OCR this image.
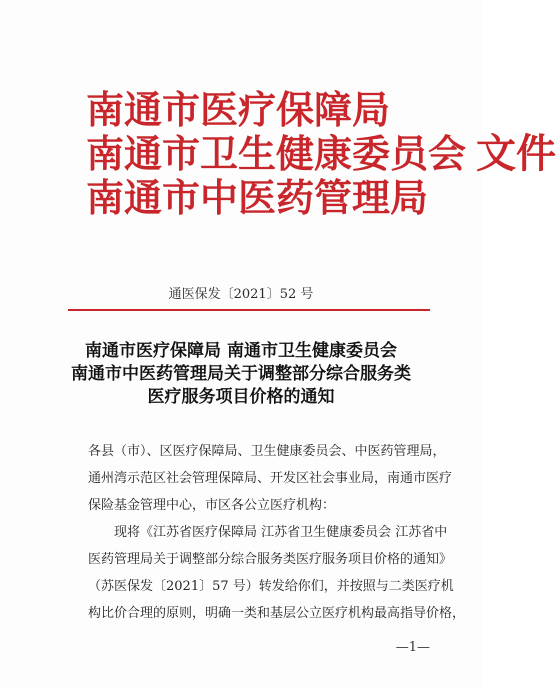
南通市医疗保障局
南通市卫生健康委员会 文件
南通市中医药管理局
通医保发〔2021〕52 号
南通市医疗保障局 南通市卫生健康委员会
南通市中医药管理局关于调整部分综合服务类
医疗服务项目价格的通知

各县（市）、区医疗保障局、卫生健康委员会、中医药管理局，

通州湾示范区社会管理保障局、开发区社会事业局，南通市医疗

保险基金管理中心，市区各公立医疗机构：

现将《江苏省医疗保障局 江苏省卫生健康委员会 江苏省中

医药管理局关于调整部分综合服务类医疗服务项目价格的通知》

（苏医保发〔2021〕57 号）转发给你们，并按照与二类医疗机

构比价合理的原则，明确一类和基层公立医疗机构最高指导价格，

—1—
